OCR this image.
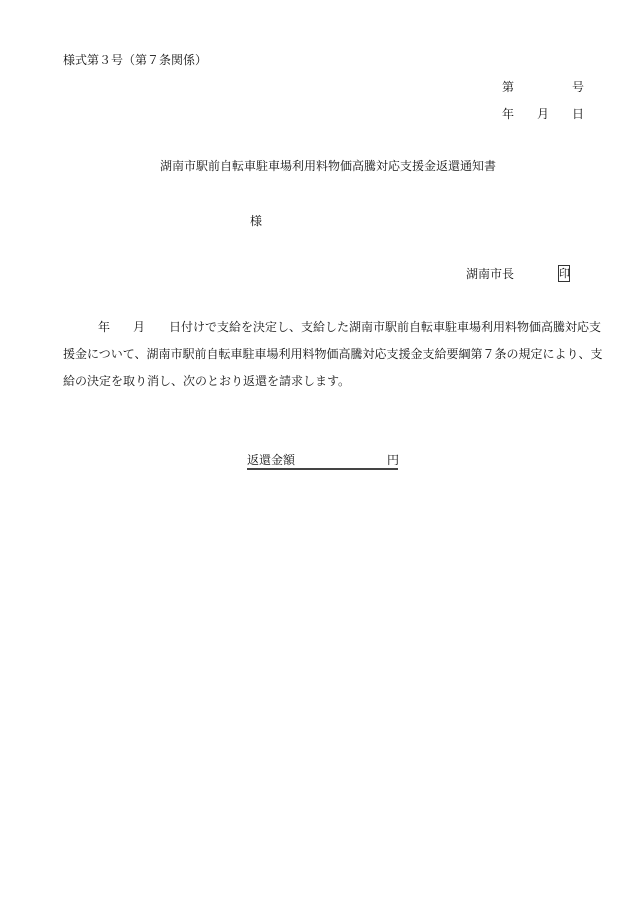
様式第３号（第７条関係）
第	号
年 月 日
湖南市駅前自転車駐車場利用料物価高騰対応支援金返還通知書
様
湖南市長	印
年 月 日付けで支給を決定し、支給した湖南市駅前自転車駐車場利用料物価高騰対応支
援金について、湖南市駅前自転車駐車場利用料物価高騰対応支援金支給要綱第７条の規定により、支
給の決定を取り消し、次のとおり返還を請求します。
返還金額	円
